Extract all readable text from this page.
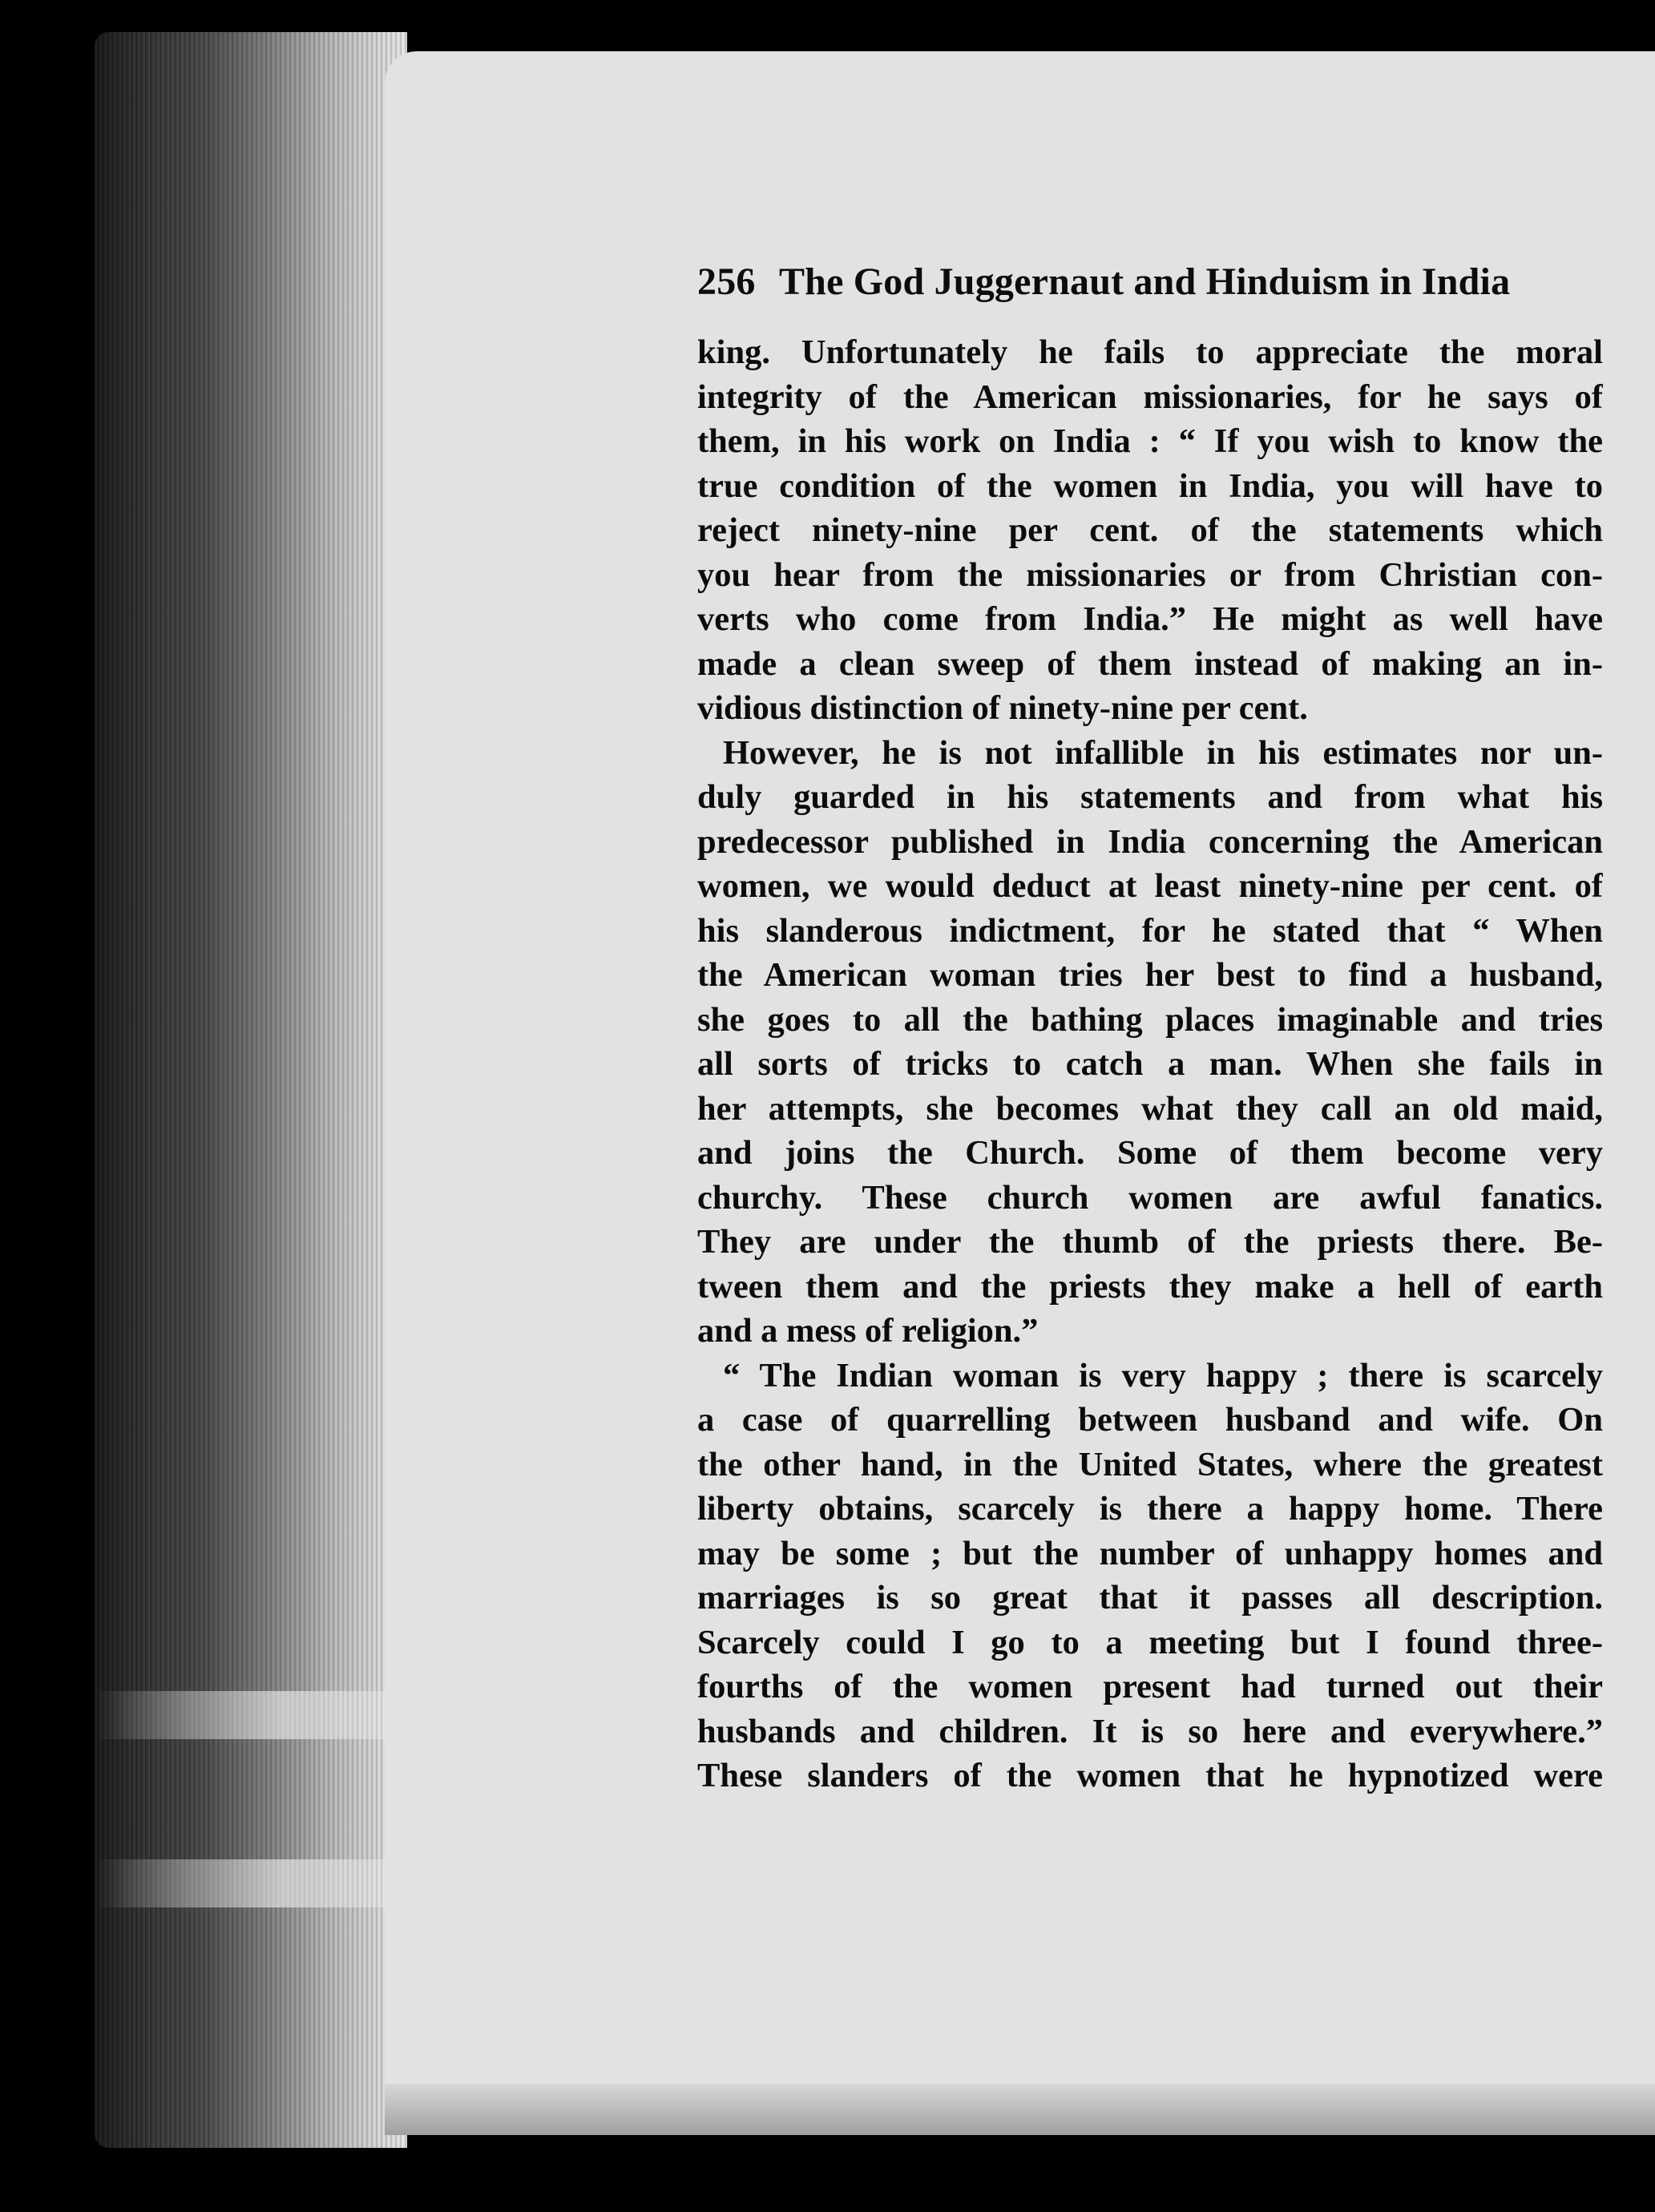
256 The God Juggernaut and Hinduism in India

king. Unfortunately he fails to appreciate the moral

integrity of the American missionaries, for he says of

them, in his work on India : “ If you wish to know the

true condition of the women in India, you will have to

reject ninety-nine per cent. of the statements which

you hear from the missionaries or from Christian con-

verts who come from India.” He might as well have

made a clean sweep of them instead of making an in-

vidious distinction of ninety-nine per cent.

However, he is not infallible in his estimates nor un-

duly guarded in his statements and from what his

predecessor published in India concerning the American

women, we would deduct at least ninety-nine per cent. of

his slanderous indictment, for he stated that “ When

the American woman tries her best to find a husband,

she goes to all the bathing places imaginable and tries

all sorts of tricks to catch a man. When she fails in

her attempts, she becomes what they call an old maid,

and joins the Church. Some of them become very

churchy. These church women are awful fanatics.

They are under the thumb of the priests there. Be-

tween them and the priests they make a hell of earth

and a mess of religion.”

“ The Indian woman is very happy ; there is scarcely

a case of quarrelling between husband and wife. On

the other hand, in the United States, where the greatest

liberty obtains, scarcely is there a happy home. There

may be some ; but the number of unhappy homes and

marriages is so great that it passes all description.

Scarcely could I go to a meeting but I found three-

fourths of the women present had turned out their

husbands and children. It is so here and everywhere.”

These slanders of the women that he hypnotized were
